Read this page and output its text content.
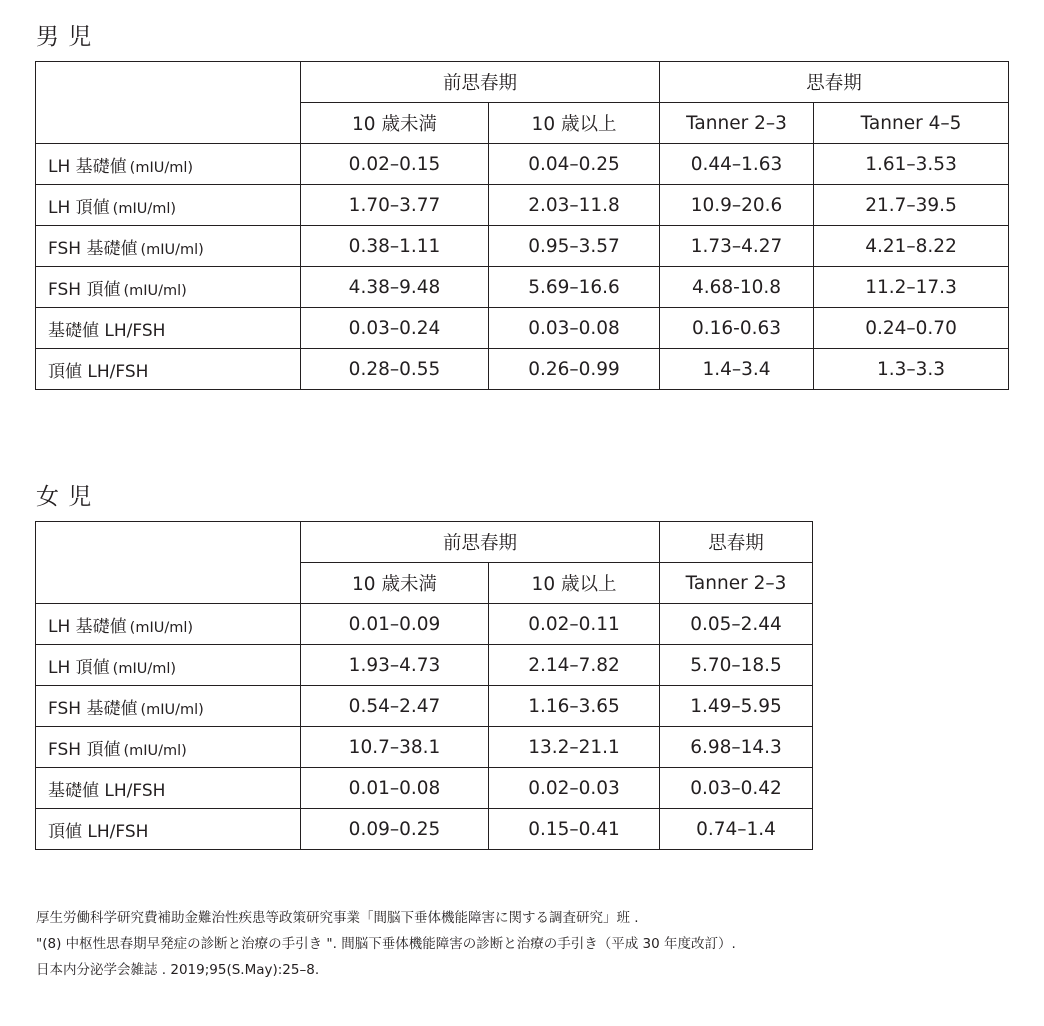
男 児
	前思春期		思春期	
	10 歳未満	10 歳以上	Tanner 2–3	Tanner 4–5
LH 基礎値 (mIU/ml)	0.02–0.15	0.04–0.25	0.44–1.63	1.61–3.53
LH 頂値 (mIU/ml)	1.70–3.77	2.03–11.8	10.9–20.6	21.7–39.5
FSH 基礎値 (mIU/ml)	0.38–1.11	0.95–3.57	1.73–4.27	4.21–8.22
FSH 頂値 (mIU/ml)	4.38–9.48	5.69–16.6	4.68-10.8	11.2–17.3
基礎値 LH/FSH	0.03–0.24	0.03–0.08	0.16-0.63	0.24–0.70
頂値 LH/FSH	0.28–0.55	0.26–0.99	1.4–3.4	1.3–3.3
女 児
	前思春期		思春期
	10 歳未満	10 歳以上	Tanner 2–3
LH 基礎値 (mIU/ml)	0.01–0.09	0.02–0.11	0.05–2.44
LH 頂値 (mIU/ml)	1.93–4.73	2.14–7.82	5.70–18.5
FSH 基礎値 (mIU/ml)	0.54–2.47	1.16–3.65	1.49–5.95
FSH 頂値 (mIU/ml)	10.7–38.1	13.2–21.1	6.98–14.3
基礎値 LH/FSH	0.01–0.08	0.02–0.03	0.03–0.42
頂値 LH/FSH	0.09–0.25	0.15–0.41	0.74–1.4
厚生労働科学研究費補助金難治性疾患等政策研究事業「間脳下垂体機能障害に関する調査研究」班 .
"(8) 中枢性思春期早発症の診断と治療の手引き ". 間脳下垂体機能障害の診断と治療の手引き（平成 30 年度改訂）.
日本内分泌学会雑誌 . 2019;95(S.May):25–8.
